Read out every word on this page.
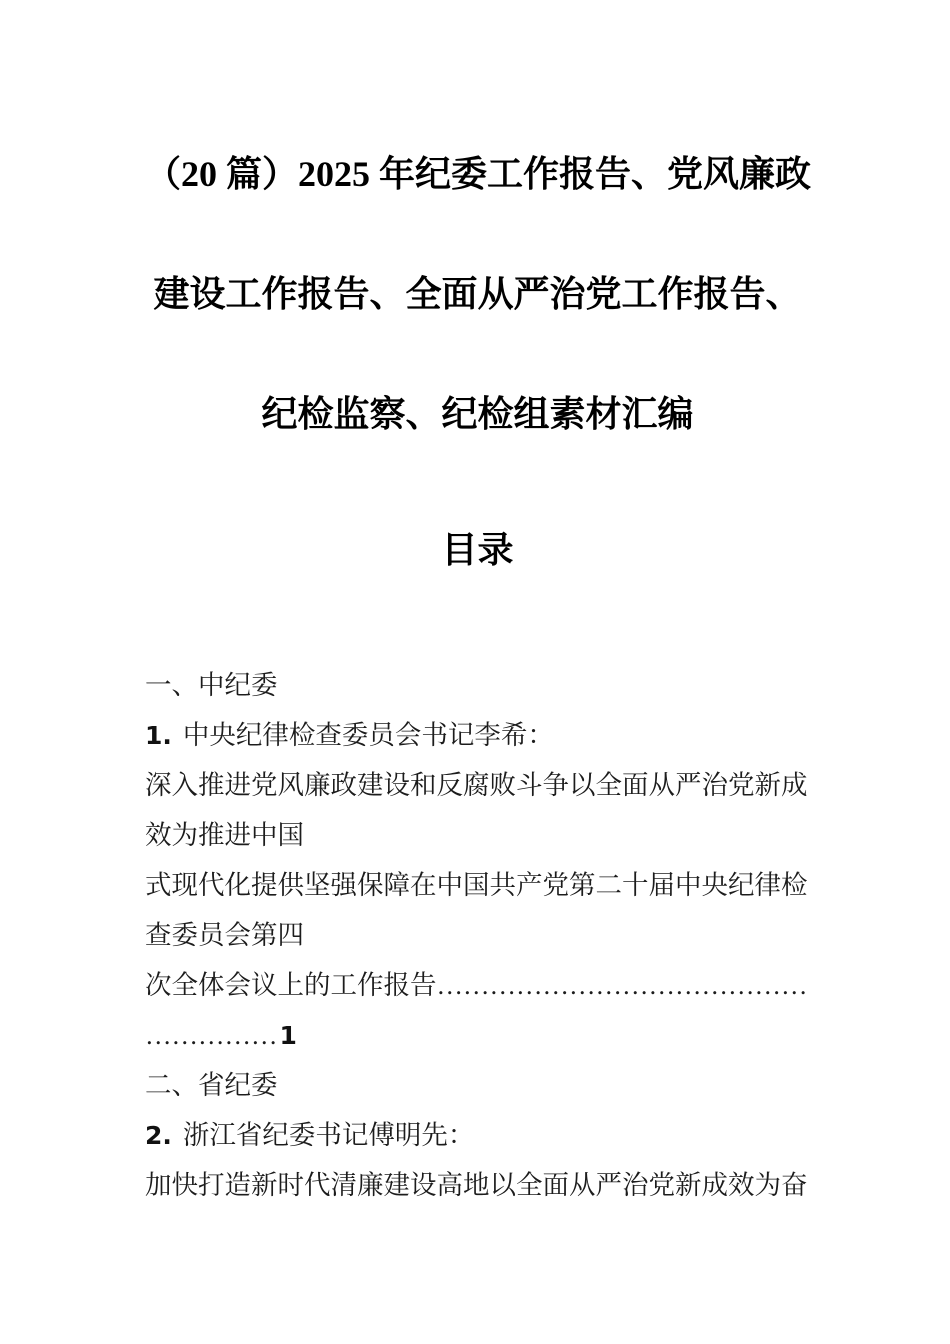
（20 篇）2025 年纪委工作报告、党风廉政
建设工作报告、全面从严治党工作报告、
纪检监察、纪检组素材汇编
目录
一、中纪委
1. 中央纪律检查委员会书记李希：
深入推进党风廉政建设和反腐败斗争以全面从严治党新成
效为推进中国
式现代化提供坚强保障在中国共产党第二十届中央纪律检
查委员会第四
次全体会议上的工作报告……………………………………
……………1
二、省纪委
2. 浙江省纪委书记傅明先：
加快打造新时代清廉建设高地以全面从严治党新成效为奋
